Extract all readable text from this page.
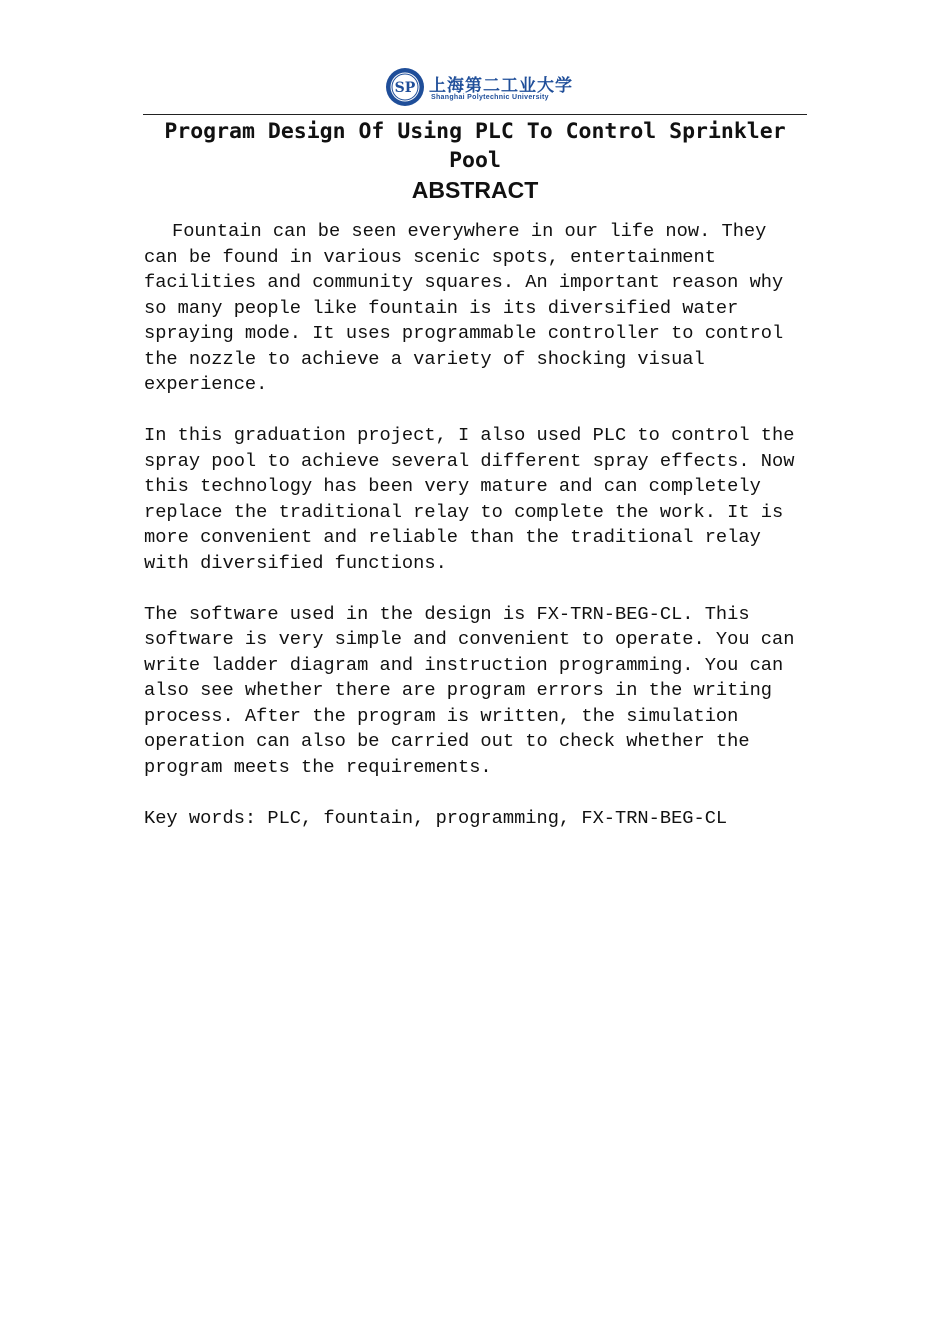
SP 上海第二工业大学
Shanghai Polytechnic University
Program Design Of Using PLC To Control Sprinkler Pool
ABSTRACT

Fountain can be seen everywhere in our life now. They
can be found in various scenic spots, entertainment
facilities and community squares. An important reason why
so many people like fountain is its diversified water
spraying mode. It uses programmable controller to control
the nozzle to achieve a variety of shocking visual
experience.

In this graduation project, I also used PLC to control the
spray pool to achieve several different spray effects. Now
this technology has been very mature and can completely
replace the traditional relay to complete the work. It is
more convenient and reliable than the traditional relay
with diversified functions.

The software used in the design is FX-TRN-BEG-CL. This
software is very simple and convenient to operate. You can
write ladder diagram and instruction programming. You can
also see whether there are program errors in the writing
process. After the program is written, the simulation
operation can also be carried out to check whether the
program meets the requirements.

Key words: PLC, fountain, programming, FX-TRN-BEG-CL
